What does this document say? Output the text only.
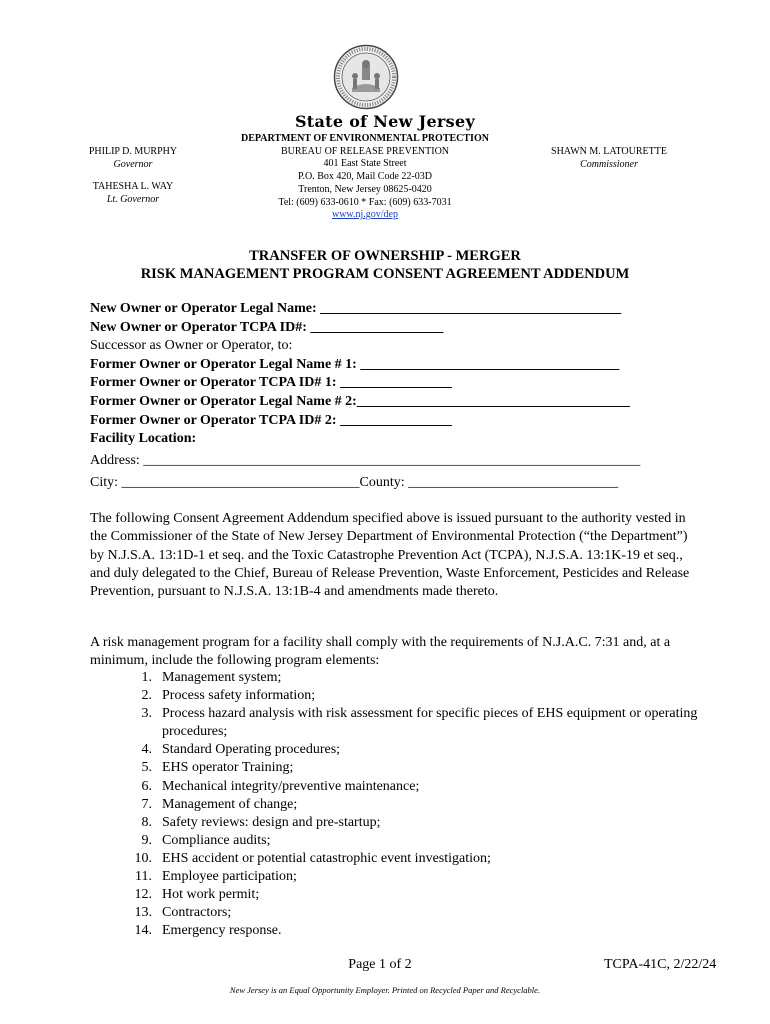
State of New Jersey
PHILIP D. MURPHY
Governor
TAHESHA L. WAY
Lt. Governor
DEPARTMENT OF ENVIRONMENTAL PROTECTION
BUREAU OF RELEASE PREVENTION
401 East State Street
P.O. Box 420, Mail Code 22-03D
Trenton, New Jersey 08625-0420
Tel: (609) 633-0610 * Fax: (609) 633-7031
www.nj.gov/dep
SHAWN M. LATOURETTE
Commissioner
TRANSFER OF OWNERSHIP - MERGER
RISK MANAGEMENT PROGRAM CONSENT AGREEMENT ADDENDUM
New Owner or Operator Legal Name: ___________________________________________
New Owner or Operator TCPA ID#: ___________________
Successor as Owner or Operator, to:
Former Owner or Operator Legal Name # 1: _____________________________________
Former Owner or Operator TCPA ID# 1: ________________
Former Owner or Operator Legal Name # 2:_______________________________________
Former Owner or Operator TCPA ID# 2: ________________
Facility Location:
Address: _______________________________________________________________________
City: __________________________________County: ______________________________
The following Consent Agreement Addendum specified above is issued pursuant to the authority vested in the Commissioner of the State of New Jersey Department of Environmental Protection (“the Department”) by N.J.S.A. 13:1D-1 et seq. and the Toxic Catastrophe Prevention Act (TCPA), N.J.S.A. 13:1K-19 et seq., and duly delegated to the Chief, Bureau of Release Prevention, Waste Enforcement, Pesticides and Release Prevention, pursuant to N.J.S.A. 13:1B-4 and amendments made thereto.
A risk management program for a facility shall comply with the requirements of N.J.A.C. 7:31 and, at a minimum, include the following program elements:
1. Management system;
2. Process safety information;
3. Process hazard analysis with risk assessment for specific pieces of EHS equipment or operating procedures;
4. Standard Operating procedures;
5. EHS operator Training;
6. Mechanical integrity/preventive maintenance;
7. Management of change;
8. Safety reviews: design and pre-startup;
9. Compliance audits;
10. EHS accident or potential catastrophic event investigation;
11. Employee participation;
12. Hot work permit;
13. Contractors;
14. Emergency response.
Page 1 of 2	TCPA-41C, 2/22/24
New Jersey is an Equal Opportunity Employer. Printed on Recycled Paper and Recyclable.
